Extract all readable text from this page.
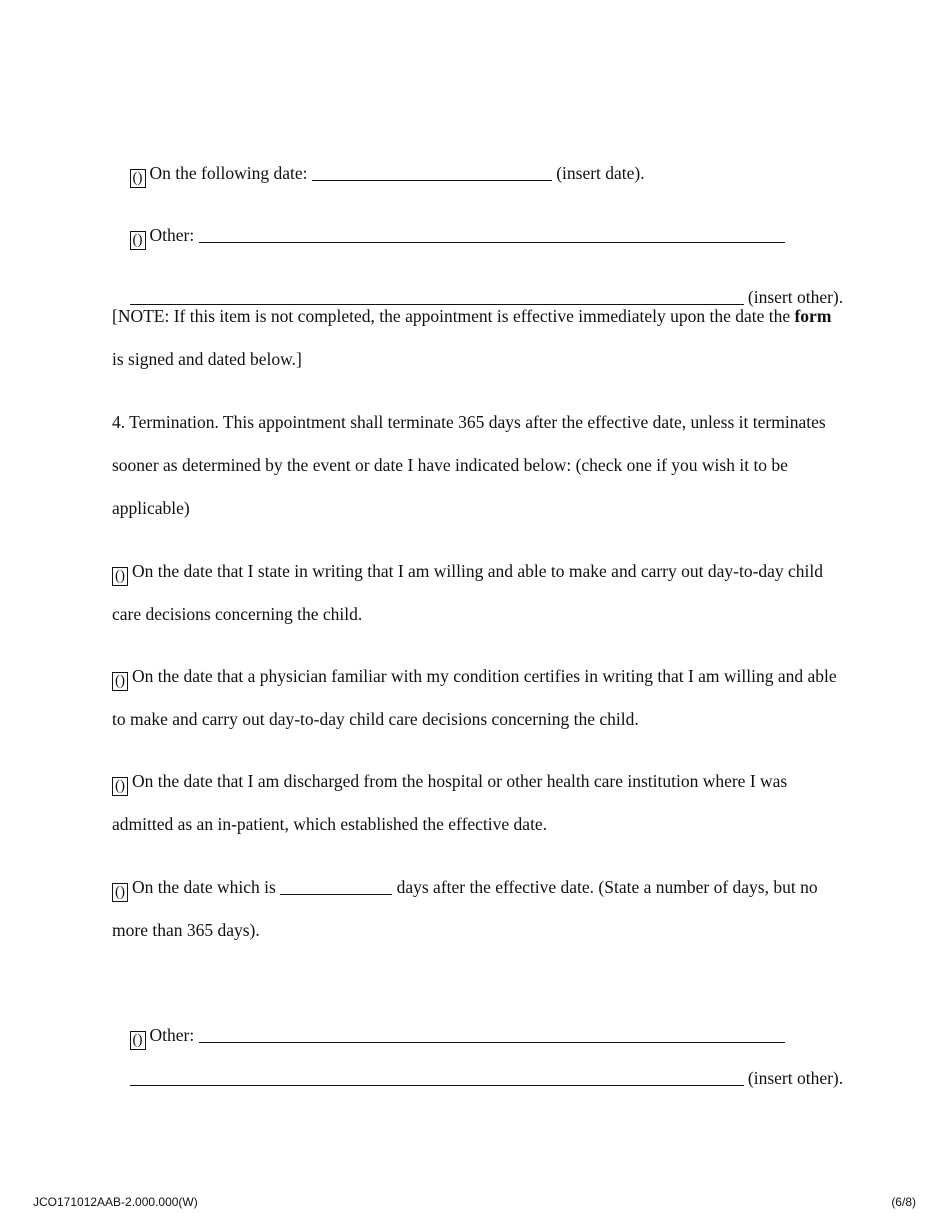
() On the following date:	(insert date).

() Other:

(insert other).

[NOTE: If this item is not completed, the appointment is effective immediately upon the date the form is signed and dated below.]
4. Termination. This appointment shall terminate 365 days after the effective date, unless it terminates sooner as determined by the event or date I have indicated below: (check one if you wish it to be applicable)
() On the date that I state in writing that I am willing and able to make and carry out day-to-day child care decisions concerning the child.
() On the date that a physician familiar with my condition certifies in writing that I am willing and able to make and carry out day-to-day child care decisions concerning the child.
() On the date that I am discharged from the hospital or other health care institution where I was admitted as an in-patient, which established the effective date.
() On the date which is	days after the effective date. (State a number of days, but no more than 365 days).

() Other:

(insert other).

JCO171012AAB-2.000.000(W)	(6/8)
